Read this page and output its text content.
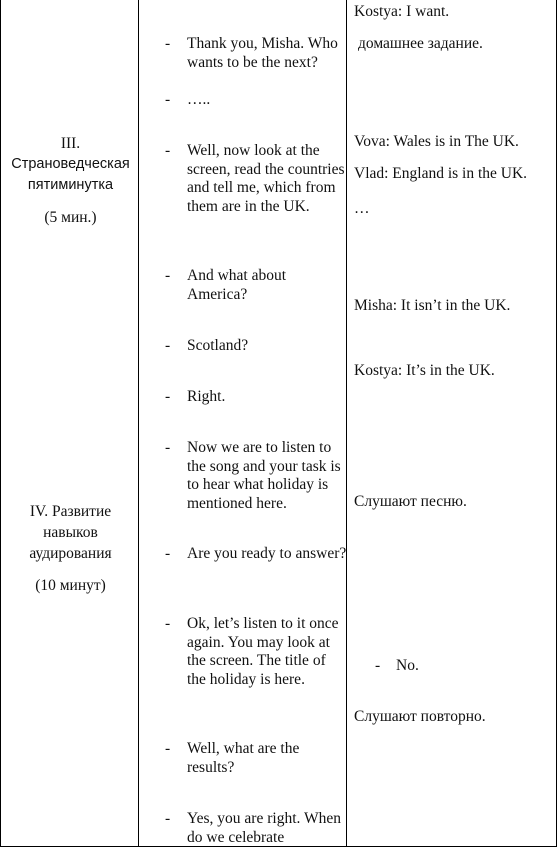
III.
Страноведческая
пятиминутка
(5 мин.)
IV. Развитие
навыков
аудирования
(10 минут)
- Thank you, Misha. Who wants to be the next?
- …..
- Well, now look at the screen, read the countries and tell me, which from them are in the UK.
- And what about America?
- Scotland?
- Right.
- Now we are to listen to the song and your task is to hear what holiday is mentioned here.
- Are you ready to answer?
- Ok, let’s listen to it once again. You may look at the screen. The title of the holiday is here.
- Well, what are the results?
- Yes, you are right. When do we celebrate
Kostya: I want.
домашнее задание.
Vova: Wales is in The UK.
Vlad: England is in the UK.
…
Misha: It isn’t in the UK.
Kostya: It’s in the UK.
Слушают песню.
- No.
Слушают повторно.
